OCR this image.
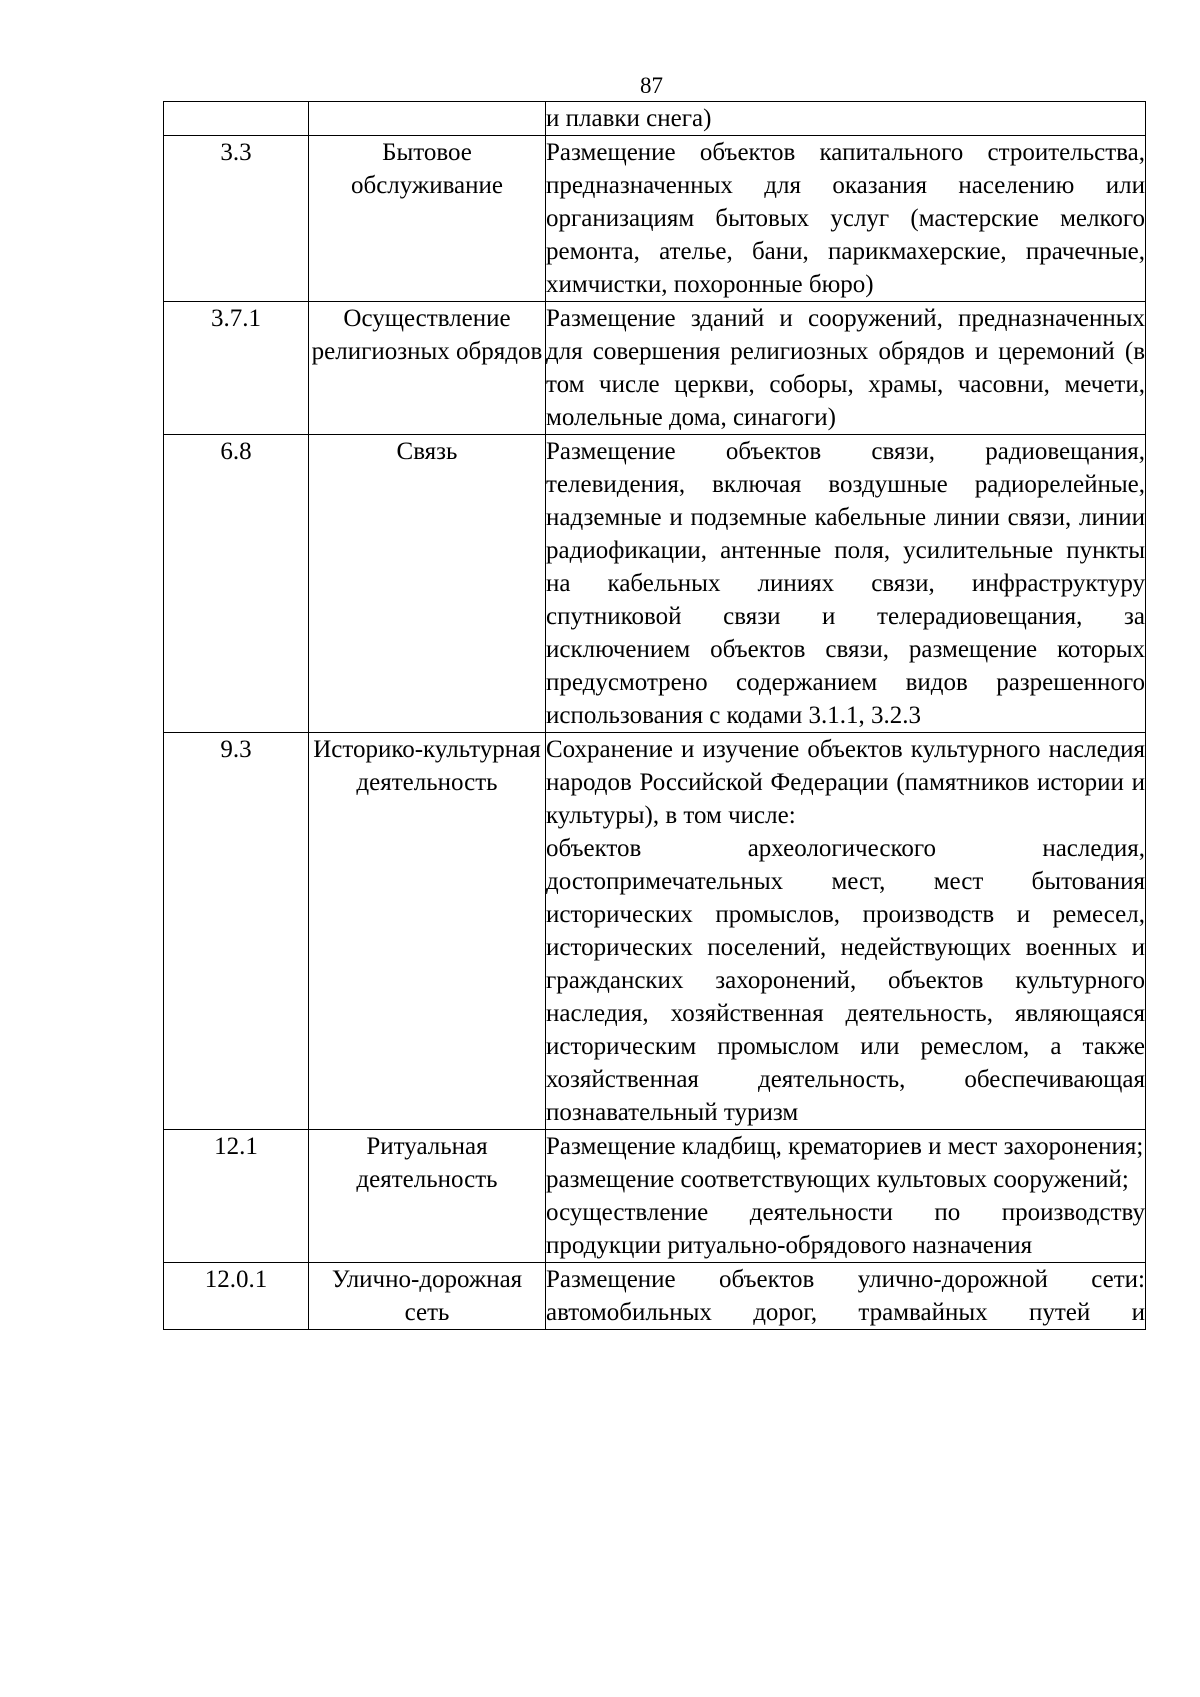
87

		и плавки снега)

3.3	Бытовое обслуживание	Размещение объектов капитального строительства, предназначенных для оказания населению или организациям бытовых услуг (мастерские мелкого ремонта, ателье, бани, парикмахерские, прачечные, химчистки, похоронные бюро)

3.7.1	Осуществление религиозных обрядов	Размещение зданий и сооружений, предназначенных для совершения религиозных обрядов и церемоний (в том числе церкви, соборы, храмы, часовни, мечети, молельные дома, синагоги)

6.8	Связь	Размещение объектов связи, радиовещания, телевидения, включая воздушные радиорелейные, надземные и подземные кабельные линии связи, линии радиофикации, антенные поля, усилительные пункты на кабельных линиях связи, инфраструктуру спутниковой связи и телерадиовещания, за исключением объектов связи, размещение которых предусмотрено содержанием видов разрешенного использования с кодами 3.1.1, 3.2.3

9.3	Историко-культурная деятельность	Сохранение и изучение объектов культурного наследия народов Российской Федерации (памятников истории и культуры), в том числе:
объектов археологического наследия, достопримечательных мест, мест бытования исторических промыслов, производств и ремесел, исторических поселений, недействующих военных и гражданских захоронений, объектов культурного наследия, хозяйственная деятельность, являющаяся историческим промыслом или ремеслом, а также хозяйственная деятельность, обеспечивающая познавательный туризм

12.1	Ритуальная деятельность	Размещение кладбищ, крематориев и мест захоронения;
размещение соответствующих культовых сооружений;
осуществление деятельности по производству продукции ритуально-обрядового назначения

12.0.1	Улично-дорожная сеть	Размещение объектов улично-дорожной сети: автомобильных дорог, трамвайных путей и
